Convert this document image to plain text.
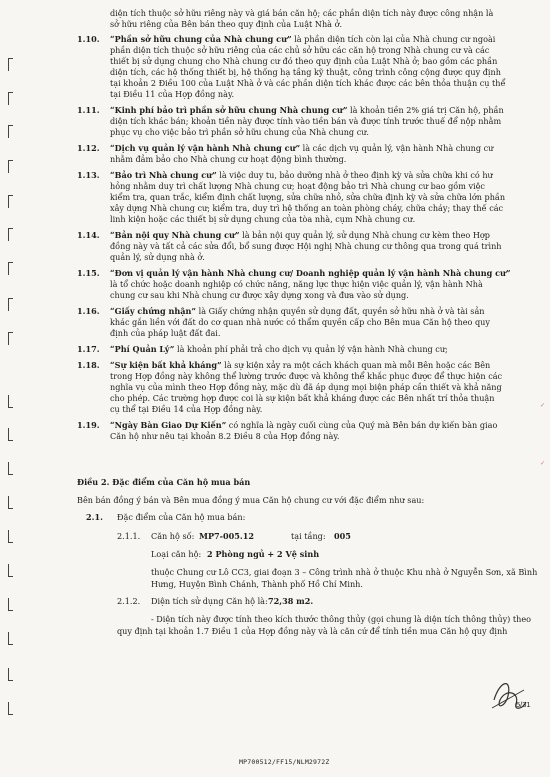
diện tích thuộc sở hữu riêng này và giá bán căn hộ; các phần diện tích này được công nhận là
sở hữu riêng của Bên bán theo quy định của Luật Nhà ở.
1.10. “Phần sở hữu chung của Nhà chung cư” là phần diện tích còn lại của Nhà chung cư ngoài
phần diện tích thuộc sở hữu riêng của các chủ sở hữu các căn hộ trong Nhà chung cư và các
thiết bị sử dụng chung cho Nhà chung cư đó theo quy định của Luật Nhà ở; bao gồm các phần
diện tích, các hệ thống thiết bị, hệ thống hạ tầng kỹ thuật, công trình công cộng được quy định
tại khoản 2 Điều 100 của Luật Nhà ở và các phần diện tích khác được các bên thỏa thuận cụ thể
tại Điều 11 của Hợp đồng này.
1.11. “Kinh phí bảo trì phần sở hữu chung Nhà chung cư” là khoản tiền 2% giá trị Căn hộ, phần
diện tích khác bán; khoản tiền này được tính vào tiền bán và được tính trước thuế để nộp nhằm
phục vụ cho việc bảo trì phần sở hữu chung của Nhà chung cư.
1.12. “Dịch vụ quản lý vận hành Nhà chung cư” là các dịch vụ quản lý, vận hành Nhà chung cư
nhằm đảm bảo cho Nhà chung cư hoạt động bình thường.
1.13. “Bảo trì Nhà chung cư” là việc duy tu, bảo dưỡng nhà ở theo định kỳ và sửa chữa khi có hư
hỏng nhằm duy trì chất lượng Nhà chung cư; hoạt động bảo trì Nhà chung cư bao gồm việc
kiểm tra, quan trắc, kiểm định chất lượng, sửa chữa nhỏ, sửa chữa định kỳ và sửa chữa lớn phần
xây dựng Nhà chung cư; kiểm tra, duy trì hệ thống an toàn phòng cháy, chữa cháy; thay thế các
linh kiện hoặc các thiết bị sử dụng chung của tòa nhà, cụm Nhà chung cư.
1.14. “Bản nội quy Nhà chung cư” là bản nội quy quản lý, sử dụng Nhà chung cư kèm theo Hợp
đồng này và tất cả các sửa đổi, bổ sung được Hội nghị Nhà chung cư thông qua trong quá trình
quản lý, sử dụng nhà ở.
1.15. “Đơn vị quản lý vận hành Nhà chung cư/ Doanh nghiệp quản lý vận hành Nhà chung cư”
là tổ chức hoặc doanh nghiệp có chức năng, năng lực thực hiện việc quản lý, vận hành Nhà
chung cư sau khi Nhà chung cư được xây dựng xong và đưa vào sử dụng.
1.16. “Giấy chứng nhận” là Giấy chứng nhận quyền sử dụng đất, quyền sở hữu nhà ở và tài sản
khác gắn liền với đất do cơ quan nhà nước có thẩm quyền cấp cho Bên mua Căn hộ theo quy
định của pháp luật đất đai.
1.17. “Phí Quản Lý” là khoản phí phải trả cho dịch vụ quản lý vận hành Nhà chung cư;
1.18. “Sự kiện bất khả kháng” là sự kiện xảy ra một cách khách quan mà mỗi Bên hoặc các Bên
trong Hợp đồng này không thể lường trước được và không thể khắc phục được để thực hiện các
nghĩa vụ của mình theo Hợp đồng này, mặc dù đã áp dụng mọi biện pháp cần thiết và khả năng
cho phép. Các trường hợp được coi là sự kiện bất khả kháng được các Bên nhất trí thỏa thuận
cụ thể tại Điều 14 của Hợp đồng này.
1.19. “Ngày Bàn Giao Dự Kiến” có nghĩa là ngày cuối cùng của Quý mà Bên bán dự kiến bàn giao
Căn hộ như nêu tại khoản 8.2 Điều 8 của Hợp đồng này.
Điều 2. Đặc điểm của Căn hộ mua bán
Bên bán đồng ý bán và Bên mua đồng ý mua Căn hộ chung cư với đặc điểm như sau:
2.1. Đặc điểm của Căn hộ mua bán:
2.1.1. Căn hộ số: MP7-005.12	tại tầng: 005
Loại căn hộ: 2 Phòng ngủ + 2 Vệ sinh
thuộc Chung cư Lô CC3, giai đoạn 3 – Công trình nhà ở thuộc Khu nhà ở Nguyễn Sơn, xã Bình
Hưng, Huyện Bình Chánh, Thành phố Hồ Chí Minh.
2.1.2. Diện tích sử dụng Căn hộ là: 72,38 m2.
- Diện tích này được tính theo kích thước thông thủy (gọi chung là diện tích thông thủy) theo
quy định tại khoản 1.7 Điều 1 của Hợp đồng này và là căn cứ để tính tiền mua Căn hộ quy định
5/31
✓
✓
MP700512/FF15/NLM2972Z
